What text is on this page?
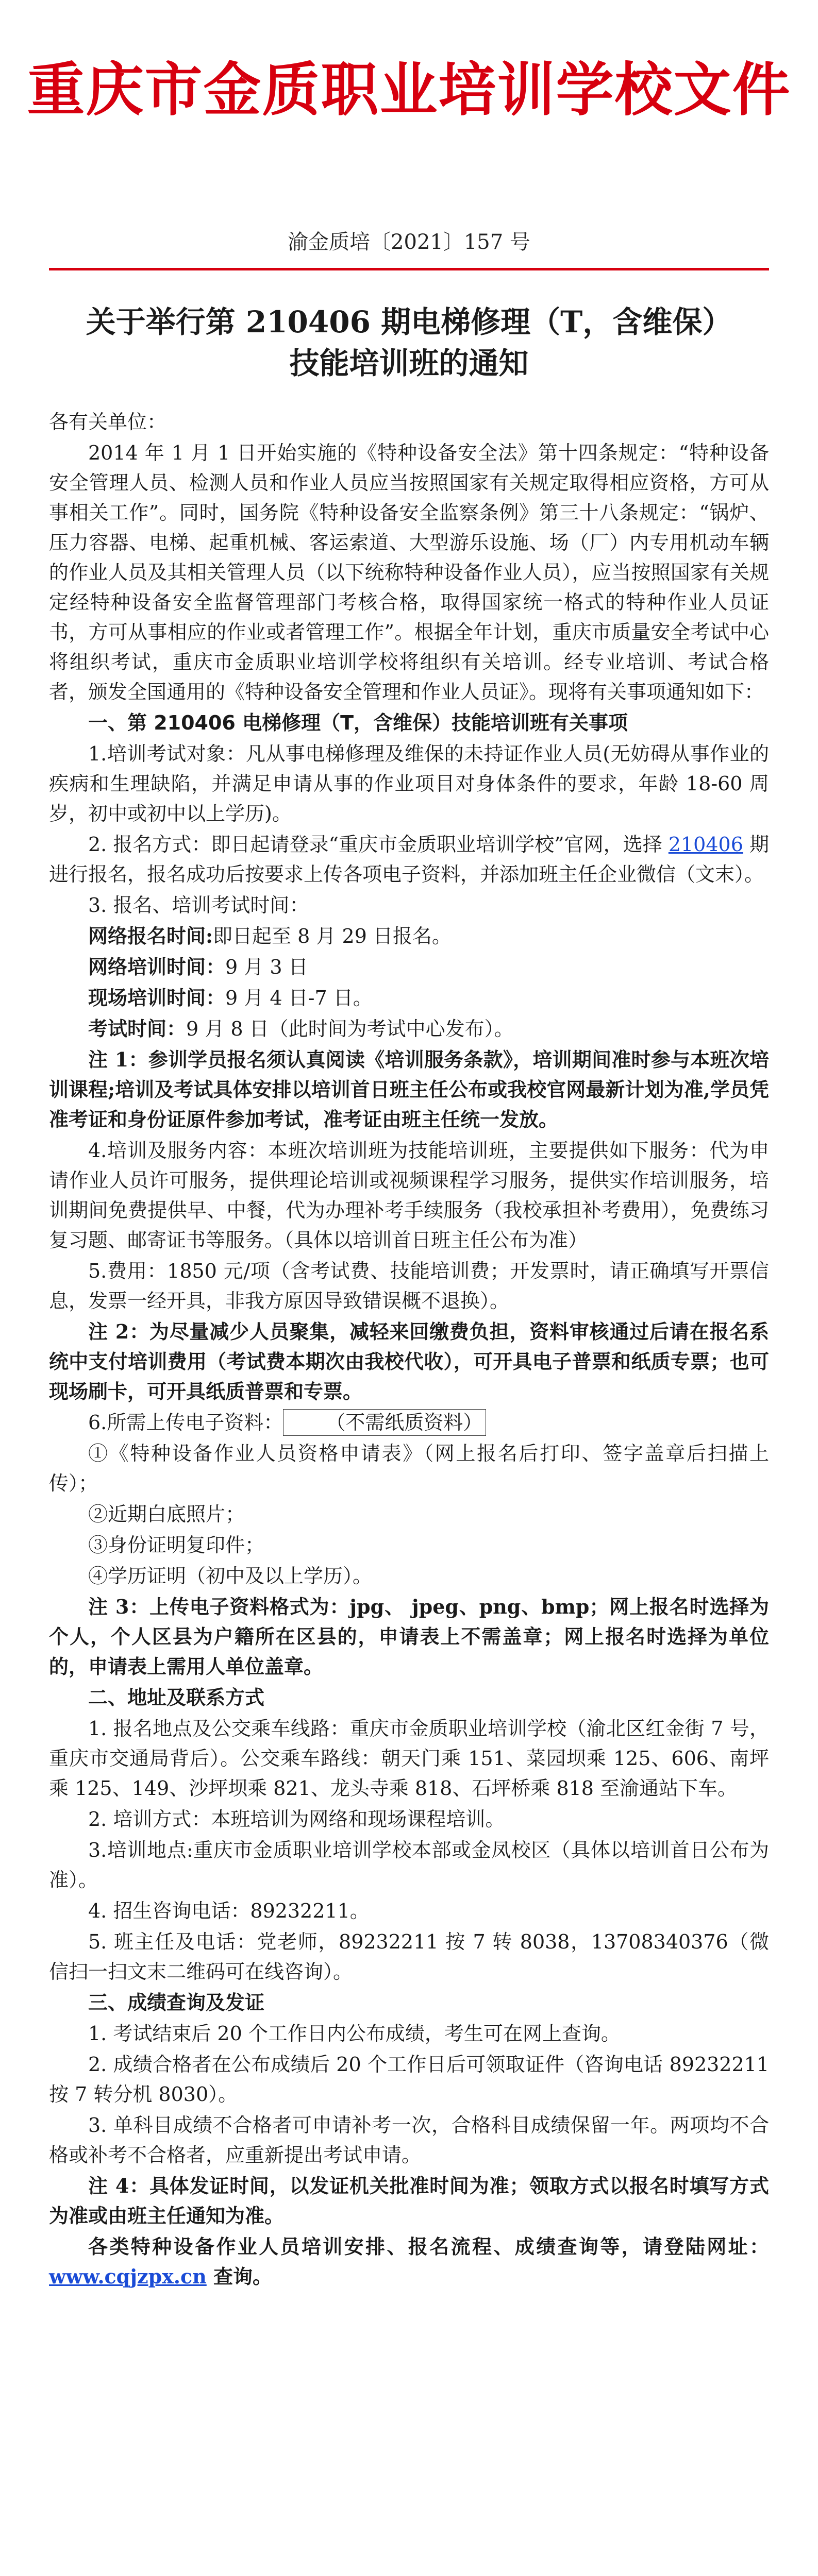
重庆市金质职业培训学校文件
渝金质培〔2021〕157 号
关于举行第 210406 期电梯修理（T，含维保）
技能培训班的通知
各有关单位：
2014 年 1 月 1 日开始实施的《特种设备安全法》第十四条规定：“特种设备安全管理人员、检测人员和作业人员应当按照国家有关规定取得相应资格，方可从事相关工作”。同时，国务院《特种设备安全监察条例》第三十八条规定：“锅炉、压力容器、电梯、起重机械、客运索道、大型游乐设施、场（厂）内专用机动车辆的作业人员及其相关管理人员（以下统称特种设备作业人员），应当按照国家有关规定经特种设备安全监督管理部门考核合格，取得国家统一格式的特种作业人员证书，方可从事相应的作业或者管理工作”。根据全年计划，重庆市质量安全考试中心将组织考试，重庆市金质职业培训学校将组织有关培训。经专业培训、考试合格者，颁发全国通用的《特种设备安全管理和作业人员证》。现将有关事项通知如下：
一、第 210406 电梯修理（T，含维保）技能培训班有关事项
1.培训考试对象：凡从事电梯修理及维保的未持证作业人员(无妨碍从事作业的疾病和生理缺陷，并满足申请从事的作业项目对身体条件的要求，年龄 18-60 周岁，初中或初中以上学历)。
2. 报名方式：即日起请登录“重庆市金质职业培训学校”官网，选择 210406 期进行报名，报名成功后按要求上传各项电子资料，并添加班主任企业微信（文末）。
3. 报名、培训考试时间：
网络报名时间:即日起至 8 月 29 日报名。
网络培训时间：9 月 3 日
现场培训时间：9 月 4 日-7 日。
考试时间：9 月 8 日（此时间为考试中心发布）。
注 1：参训学员报名须认真阅读《培训服务条款》，培训期间准时参与本班次培训课程;培训及考试具体安排以培训首日班主任公布或我校官网最新计划为准,学员凭准考证和身份证原件参加考试，准考证由班主任统一发放。
4.培训及服务内容：本班次培训班为技能培训班，主要提供如下服务：代为申请作业人员许可服务，提供理论培训或视频课程学习服务，提供实作培训服务，培训期间免费提供早、中餐，代为办理补考手续服务（我校承担补考费用），免费练习复习题、邮寄证书等服务。（具体以培训首日班主任公布为准）
5.费用：1850 元/项（含考试费、技能培训费；开发票时，请正确填写开票信息，发票一经开具，非我方原因导致错误概不退换）。
注 2：为尽量减少人员聚集，减轻来回缴费负担，资料审核通过后请在报名系统中支付培训费用（考试费本期次由我校代收），可开具电子普票和纸质专票；也可现场刷卡，可开具纸质普票和专票。
6.所需上传电子资料： （不需纸质资料）
①《特种设备作业人员资格申请表》（网上报名后打印、签字盖章后扫描上传）；
②近期白底照片；
③身份证明复印件；
④学历证明（初中及以上学历）。
注 3：上传电子资料格式为：jpg、 jpeg、png、bmp；网上报名时选择为个人，个人区县为户籍所在区县的，申请表上不需盖章；网上报名时选择为单位的，申请表上需用人单位盖章。
二、地址及联系方式
1. 报名地点及公交乘车线路：重庆市金质职业培训学校（渝北区红金街 7 号，重庆市交通局背后）。公交乘车路线：朝天门乘 151、菜园坝乘 125、606、南坪乘 125、149、沙坪坝乘 821、龙头寺乘 818、石坪桥乘 818 至渝通站下车。
2. 培训方式：本班培训为网络和现场课程培训。
3.培训地点:重庆市金质职业培训学校本部或金凤校区（具体以培训首日公布为准）。
4. 招生咨询电话：89232211。
5. 班主任及电话：党老师，89232211 按 7 转 8038，13708340376（微信扫一扫文末二维码可在线咨询）。
三、成绩查询及发证
1. 考试结束后 20 个工作日内公布成绩，考生可在网上查询。
2. 成绩合格者在公布成绩后 20 个工作日后可领取证件（咨询电话 89232211 按 7 转分机 8030）。
3. 单科目成绩不合格者可申请补考一次，合格科目成绩保留一年。两项均不合格或补考不合格者，应重新提出考试申请。
注 4：具体发证时间，以发证机关批准时间为准；领取方式以报名时填写方式为准或由班主任通知为准。
各类特种设备作业人员培训安排、报名流程、成绩查询等，请登陆网址：www.cqjzpx.cn 查询。
